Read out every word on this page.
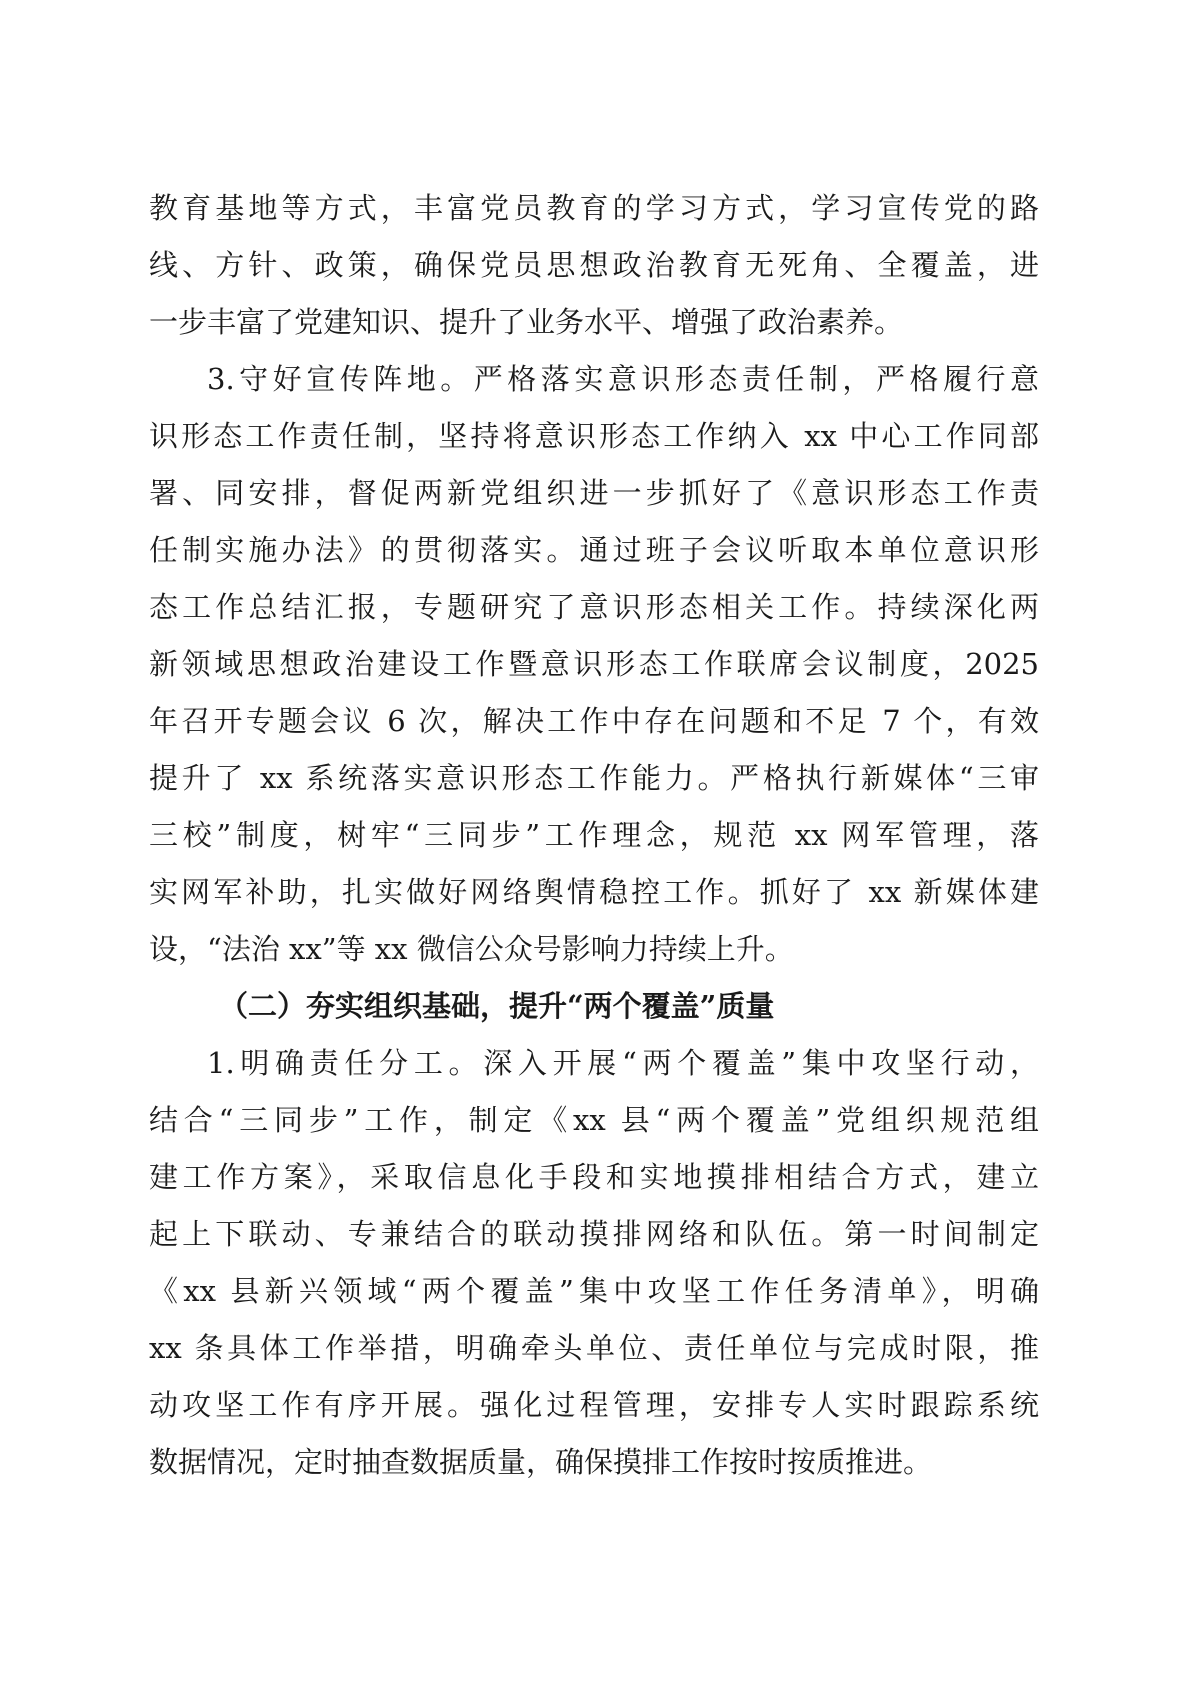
教育基地等方式，丰富党员教育的学习方式，学习宣传党的路
线、方针、政策，确保党员思想政治教育无死角、全覆盖，进
一步丰富了党建知识、提升了业务水平、增强了政治素养。
3.守好宣传阵地。严格落实意识形态责任制，严格履行意
识形态工作责任制，坚持将意识形态工作纳入 xx 中心工作同部
署、同安排，督促两新党组织进一步抓好了《意识形态工作责
任制实施办法》的贯彻落实。通过班子会议听取本单位意识形
态工作总结汇报，专题研究了意识形态相关工作。持续深化两
新领域思想政治建设工作暨意识形态工作联席会议制度，2025
年召开专题会议 6 次，解决工作中存在问题和不足 7 个，有效
提升了 xx 系统落实意识形态工作能力。严格执行新媒体“三审
三校”制度，树牢“三同步”工作理念，规范 xx 网军管理，落
实网军补助，扎实做好网络舆情稳控工作。抓好了 xx 新媒体建
设，“法治 xx”等 xx 微信公众号影响力持续上升。
（二）夯实组织基础，提升“两个覆盖”质量
1.明确责任分工。深入开展“两个覆盖”集中攻坚行动，
结合“三同步”工作，制定《xx 县“两个覆盖”党组织规范组
建工作方案》，采取信息化手段和实地摸排相结合方式，建立
起上下联动、专兼结合的联动摸排网络和队伍。第一时间制定
《xx 县新兴领域“两个覆盖”集中攻坚工作任务清单》，明确
xx 条具体工作举措，明确牵头单位、责任单位与完成时限，推
动攻坚工作有序开展。强化过程管理，安排专人实时跟踪系统
数据情况，定时抽查数据质量，确保摸排工作按时按质推进。
